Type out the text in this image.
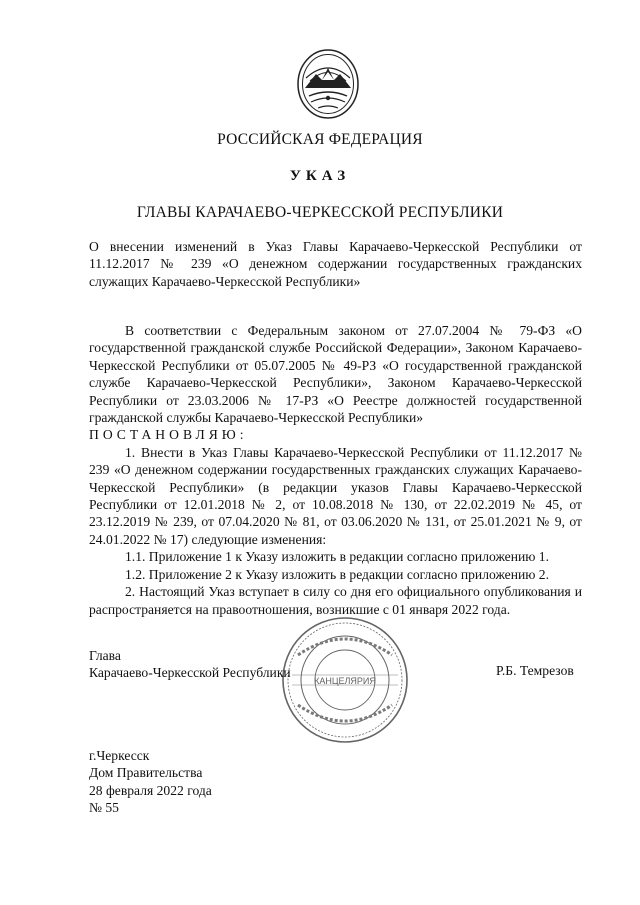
РОССИЙСКАЯ ФЕДЕРАЦИЯ
УКАЗ
ГЛАВЫ КАРАЧАЕВО-ЧЕРКЕССКОЙ РЕСПУБЛИКИ
О внесении изменений в Указ Главы Карачаево-Черкесской Республики от 11.12.2017 № 239 «О денежном содержании государственных гражданских служащих Карачаево-Черкесской Республики»
В соответствии с Федеральным законом от 27.07.2004 № 79-ФЗ «О государственной гражданской службе Российской Федерации», Законом Карачаево-Черкесской Республики от 05.07.2005 № 49-РЗ «О государственной гражданской службе Карачаево-Черкесской Республики», Законом Карачаево-Черкесской Республики от 23.03.2006 № 17-РЗ «О Реестре должностей государственной гражданской службы Карачаево-Черкесской Республики»
ПОСТАНОВЛЯЮ:
1. Внести в Указ Главы Карачаево-Черкесской Республики от 11.12.2017 № 239 «О денежном содержании государственных гражданских служащих Карачаево-Черкесской Республики» (в редакции указов Главы Карачаево-Черкесской Республики от 12.01.2018 № 2, от 10.08.2018 № 130, от 22.02.2019 № 45, от 23.12.2019 № 239, от 07.04.2020 № 81, от 03.06.2020 № 131, от 25.01.2021 № 9, от 24.01.2022 № 17) следующие изменения:
1.1. Приложение 1 к Указу изложить в редакции согласно приложению 1.
1.2. Приложение 2 к Указу изложить в редакции согласно приложению 2.
2. Настоящий Указ вступает в силу со дня его официального опубликования и распространяется на правоотношения, возникшие с 01 января 2022 года.
КАНЦЕЛЯРИЯ
Глава
Карачаево-Черкесской Республики	Р.Б. Темрезов
г.Черкесск
Дом Правительства
28 февраля 2022 года
№ 55
